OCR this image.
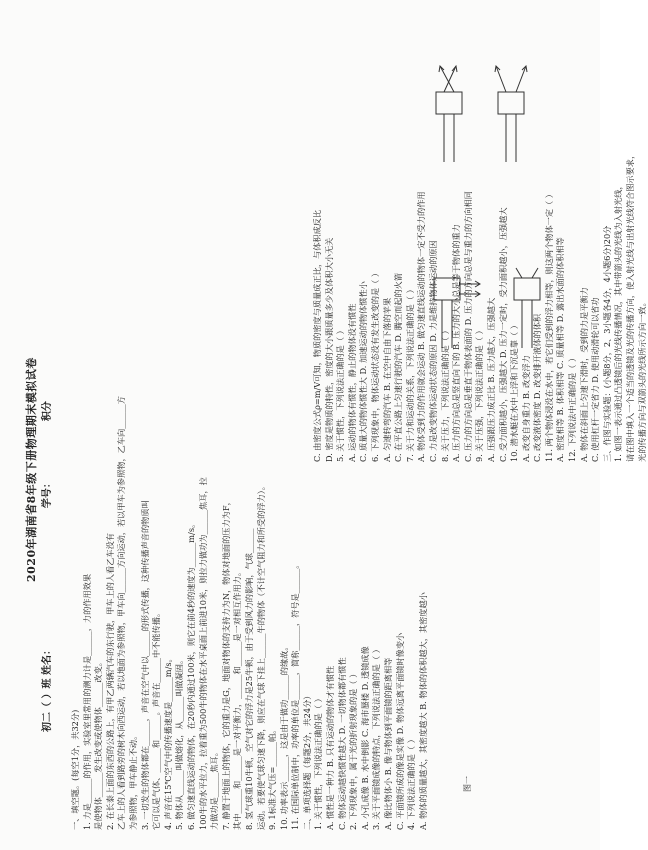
2020年湖南省8年级下册物理期末模拟试卷
初二（ ）班 姓名：  学号：  积分
一、填空题。(每空1分，共32分) 1. 力是______的作用，实验室里常用的测力计是______，力的作用效果 是使物体______发生改变或使物体______改变。 2. 在长泰上面的东西的公路上，有甲乙两辆汽车的东行驶，甲车上的人看乙车没有 乙车上的人看到路旁的树木向西运动，若以地面为参照物，甲车向______方向运动，若以甲车为参照物，乙车向______方 为参照物，甲车静止不动。 3. 一切发生的物体都在______，声音在空气中以______的形式传播，这种传播声音的物质叫 它可以是气体、______和______。声音在______中不能传播。 4. 声音在15℃空气中的传播速度是______m/s。 5. 物体从______叫做熔化，从______叫做凝固。 6. 做匀速直线运动的物体，在20秒内通过100米，则它在前4秒的速度为______m/s。 100牛的水平拉力，拉着重为500牛的物体在水平桌面上前进10米，则拉力做功为______焦耳，拉 力做功是______焦耳。 7. 静置于地面上的物体，它的重力是G，地面对物体的支持力为N，物体对地面的压力为F， 其中______和______是一对平衡力，______和______是一对相互作用力。 8. 氢气球重10牛顿，空气对它的浮力是25牛顿，由于受到风力的影响，气球______ 运动。若要使气球匀速下降，则应在气球下挂上______牛的物体（不计空气阻力和所受的浮力）。 9. 1标准大气压=______帕。 10. 功率表示______，这是由于做功______的缘故。 11. 在国际单位制中，功率的单位是______，简称______，符号是______。 二、单项选择题（每题2分，共24分） 1. 关于惯性，下列说法正确的是（ ） A. 惯性是一种力 B. 只有运动的物体才有惯性 C. 物体运动越快惯性越大 D. 一切物体都有惯性 2. 下列现象中，属于光的折射现象的是（ ） A. 小孔成像 B. 水中倒影 C. 海市蜃楼 D. 透镜成像 3. 关于平面镜成像的特点，下列说法正确的是（ ） A. 像比物体小 B. 像与物体到平面镜的距离相等 C. 平面镜所成的像是实像 D. 物体远离平面镜时像变小 4. 下列说法正确的是（ ） A. 物体的质量越大，其密度越大 B. 物体的体积越大，其密度越小
C. 由密度公式ρ=m/V可知，物质的密度与质量成正比，与体积成反比 D. 密度是物质的特性，密度的大小跟质量多少及体积大小无关 5. 关于惯性，下列说法正确的是（ ） A. 运动的物体有惯性，静止的物体没有惯性 C. 质量大的物体惯性大 D. 加速运动的物体惯性小 6. 下列现象中，物体运动状态没有发生改变的是（ ） A. 匀速转弯的汽车 B. 在空中自由下落的苹果 C. 在平直公路上匀速行驶的汽车 D. 腾空而起的火箭 7. 关于力和运动的关系，下列说法正确的是（ ） A. 物体受到力的作用就会运动 B. 做匀速直线运动的物体一定不受力的作用 C. 力是改变物体运动状态的原因 D. 力是维持物体运动的原因 8. 关于压力，下列说法正确的是（ ） A. 压力的方向总是竖直向下的 B. 压力的大小总是等于物体的重力 C. 压力的方向总是垂直于物体表面的 D. 压力的方向总是与重力的方向相同 9. 关于压强，下列说法正确的是（ ） A. 压强跟压力成正比 B. 压力越大，压强越大 C. 受力面积越小，压强越大 D. 压力一定时，受力面积越小，压强越大 10. 潜水艇在水中上浮和下沉是靠（ ） A. 改变自身重力 B. 改变浮力 C. 改变液体密度 D. 改变排开液体的体积 11. 两个物体浸没在水中，若它们受到的浮力相等，则这两个物体一定（ ） A. 密度相等 B. 体积相等 C. 质量相等 D. 露出水面的体积相等 12. 下列说法中正确的是（ ） A. 物体在斜面上匀速下滑时，受到的力是平衡力 C. 使用杠杆一定省力 D. 使用动滑轮可以省功 三、作图与实验题：(小题8分，2、3小题各4分，4小题6分)20分 1. 如图一表示通过凸透镜后的光线传播情况，其中带箭头的光线为入射光线， 请在图中填入一个适当的透镜及光的传播方向，使入射光线与出射光线符合图示要求， 光的传播方向与双箭头的光线所示方向一致。
图一
